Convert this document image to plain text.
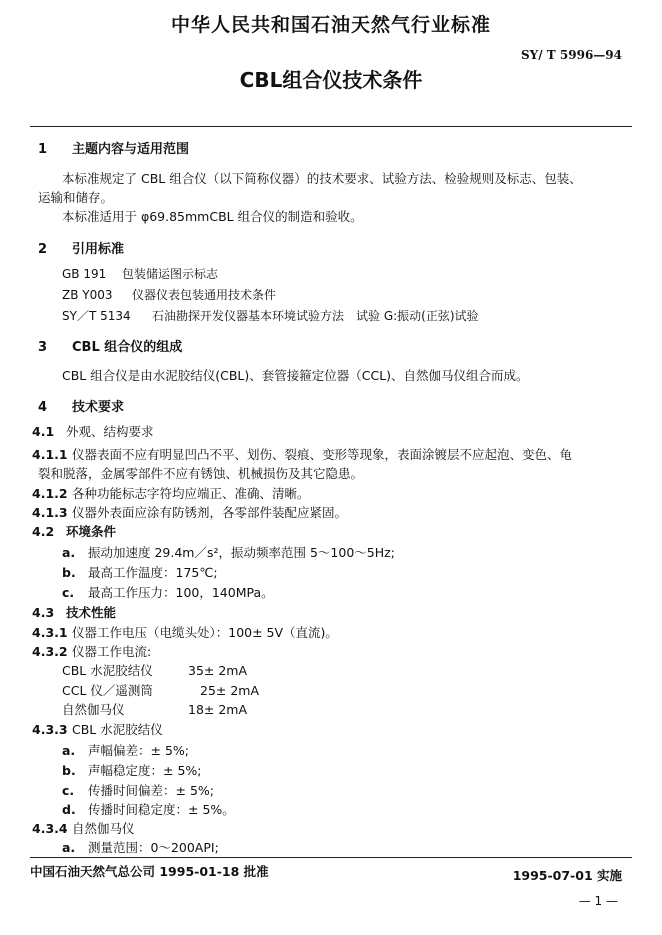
中华人民共和国石油天然气行业标准
SY/ T 5996—94
CBL组合仪技术条件
1 主题内容与适用范围
本标准规定了 CBL 组合仪（以下简称仪器）的技术要求、试验方法、检验规则及标志、包装、
运输和储存。
本标准适用于 φ69.85mmCBL 组合仪的制造和验收。
2 引用标准
GB 191 包装储运图示标志
ZB Y003 仪器仪表包装通用技术条件
SY／T 5134 石油勘探开发仪器基本环境试验方法　试验 G:振动(正弦)试验
3 CBL 组合仪的组成
CBL 组合仪是由水泥胶结仪(CBL)、套管接箍定位器（CCL)、自然伽马仪组合而成。
4 技术要求
4.1 外观、结构要求
4.1.1 仪器表面不应有明显凹凸不平、划伤、裂痕、变形等现象，表面涂镀层不应起泡、变色、龟
裂和脱落，金属零部件不应有锈蚀、机械损伤及其它隐患。
4.1.2 各种功能标志字符均应端正、准确、清晰。
4.1.3 仪器外表面应涂有防锈剂，各零部件装配应紧固。
4.2 环境条件
a. 振动加速度 29.4m／s²，振动频率范围 5～100～5Hz;
b. 最高工作温度：175℃;
c. 最高工作压力：100，140MPa。
4.3 技术性能
4.3.1 仪器工作电压（电缆头处）：100± 5V（直流)。
4.3.2 仪器工作电流:
CBL 水泥胶结仪	35± 2mA
CCL 仪／遥测筒	25± 2mA
自然伽马仪	18± 2mA
4.3.3 CBL 水泥胶结仪
a. 声幅偏差：± 5%;
b. 声幅稳定度：± 5%;
c. 传播时间偏差：± 5%;
d. 传播时间稳定度：± 5%。
4.3.4 自然伽马仪
a. 测量范围：0～200API;
中国石油天然气总公司 1995-01-18 批准	1995-07-01 实施
— 1 —
